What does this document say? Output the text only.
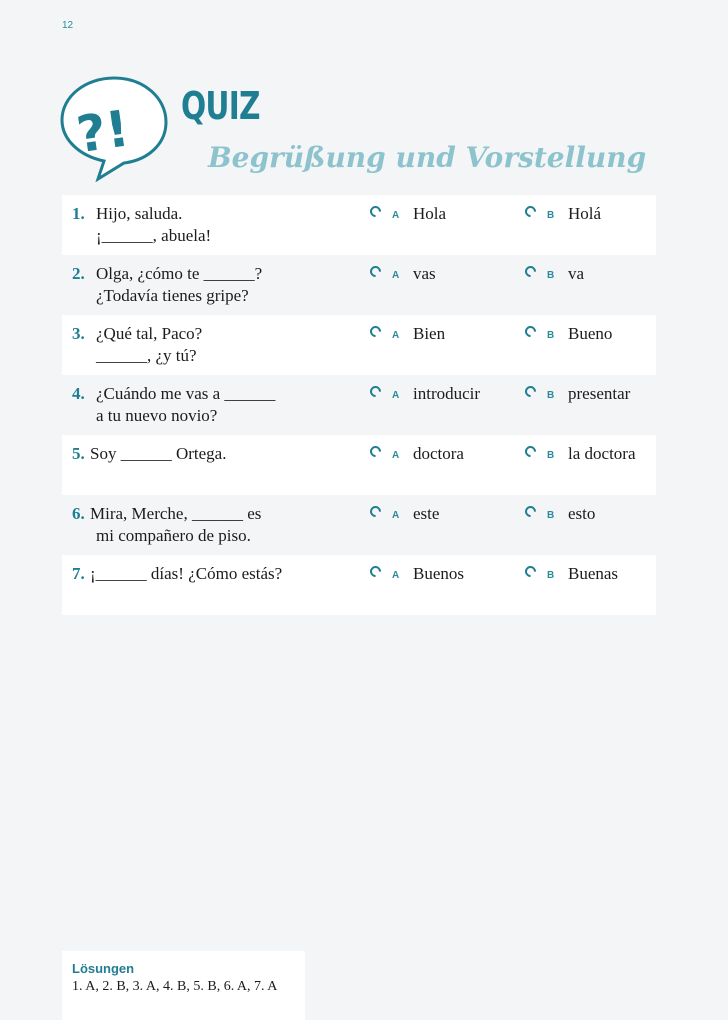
12
?! QUIZ
Begrüßung und Vorstellung
1. Hijo, saluda.
¡______, abuela!
A Hola	B Holá
2. Olga, ¿cómo te ______?
¿Todavía tienes gripe?
A vas	B va
3. ¿Qué tal, Paco?
______, ¿y tú?
A Bien	B Bueno
4. ¿Cuándo me vas a ______
a tu nuevo novio?
A introducir	B presentar
5. Soy ______ Ortega.	A doctora	B la doctora
6. Mira, Merche, ______ es
mi compañero de piso.
A este	B esto
7. ¡______ días! ¿Cómo estás?	A Buenos	B Buenas
Lösungen
1. A, 2. B, 3. A, 4. B, 5. B, 6. A, 7. A
